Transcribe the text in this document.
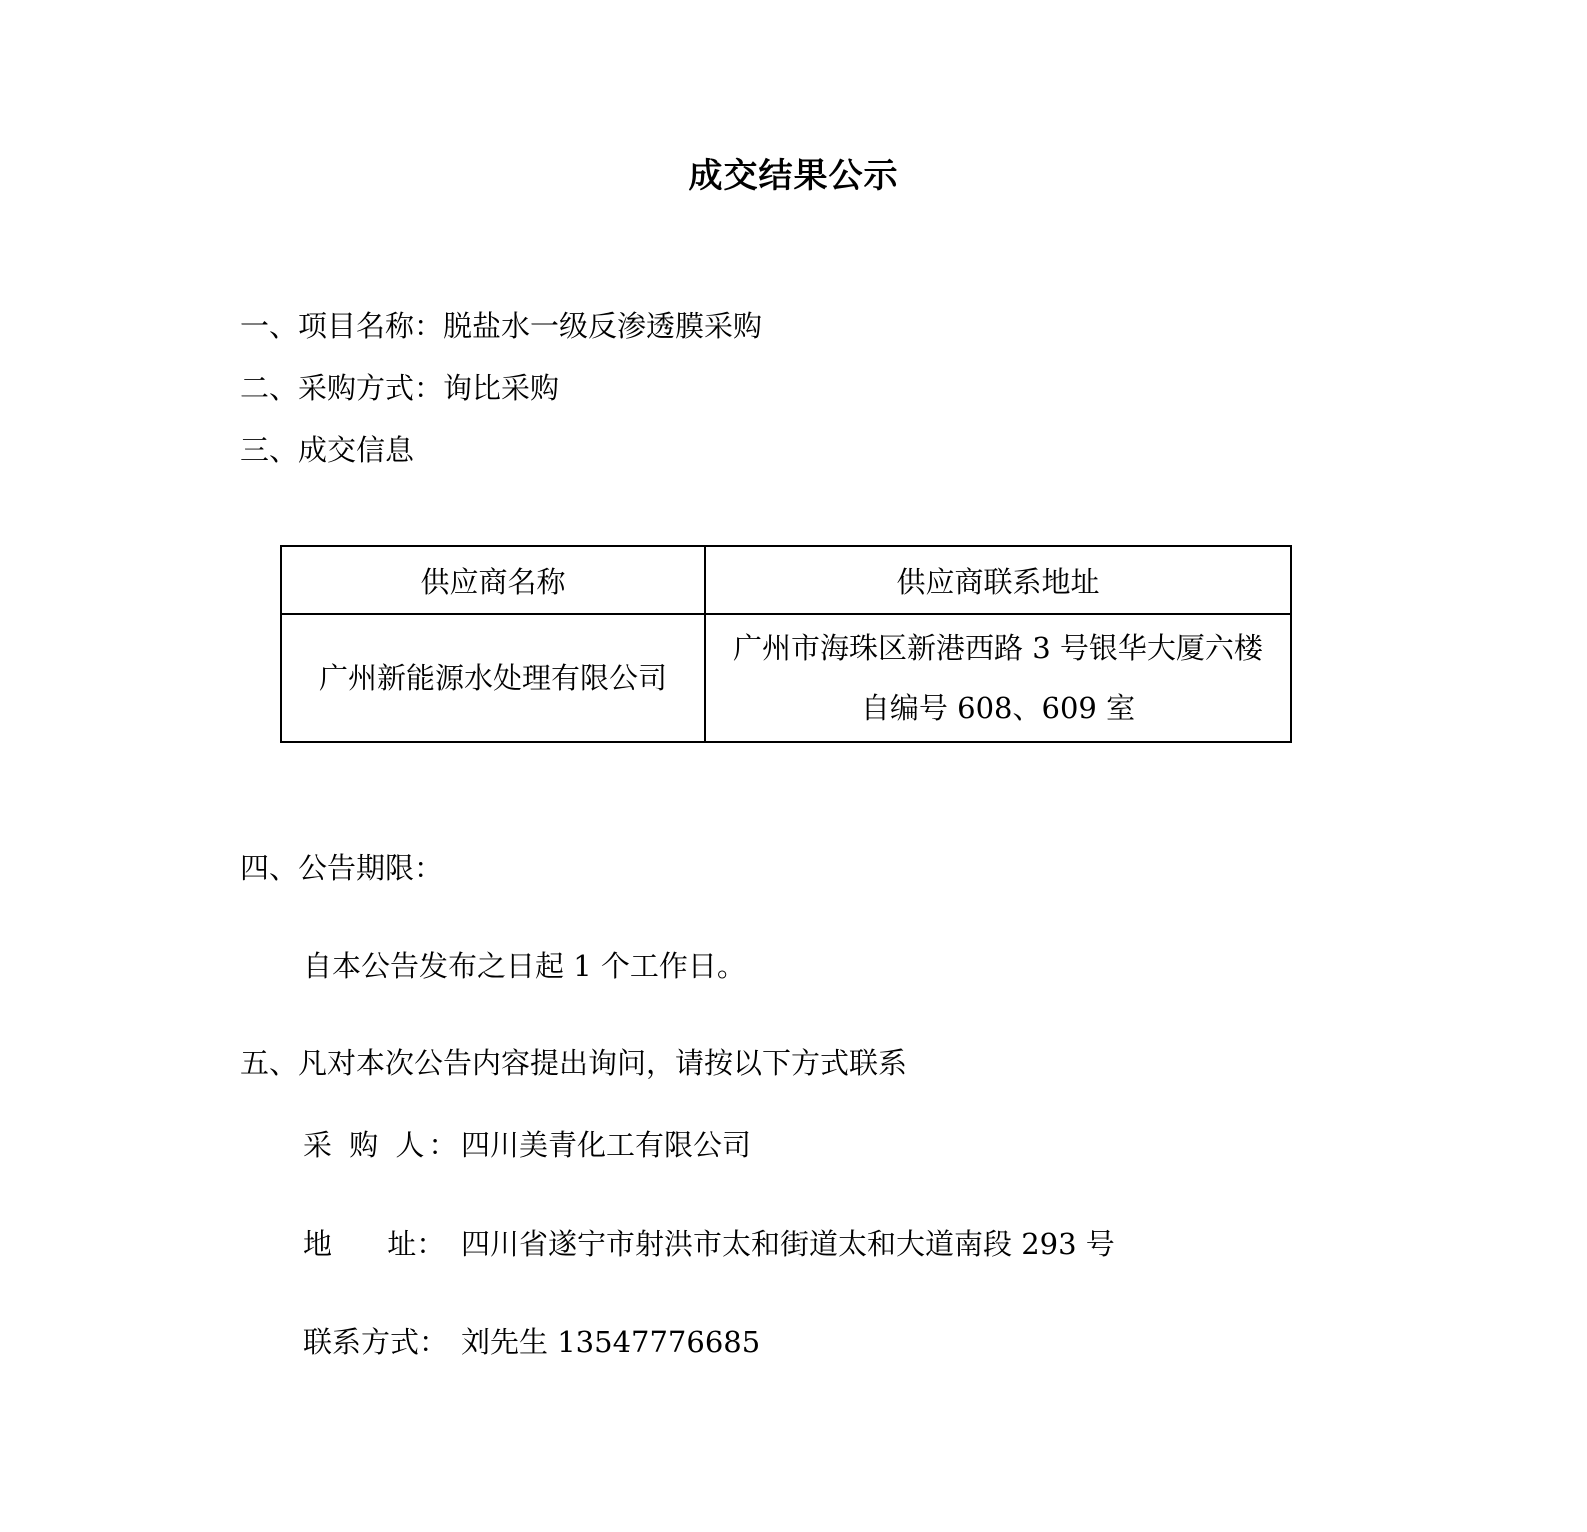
成交结果公示
一、项目名称：脱盐水一级反渗透膜采购
二、采购方式：询比采购
三、成交信息
供应商名称	供应商联系地址
广州新能源水处理有限公司	广州市海珠区新港西路 3 号银华大厦六楼
自编号 608、609 室
四、公告期限：
自本公告发布之日起 1 个工作日。
五、凡对本次公告内容提出询问，请按以下方式联系
采 购 人：四川美青化工有限公司
地      址： 四川省遂宁市射洪市太和街道太和大道南段 293 号
联系方式： 刘先生 13547776685
